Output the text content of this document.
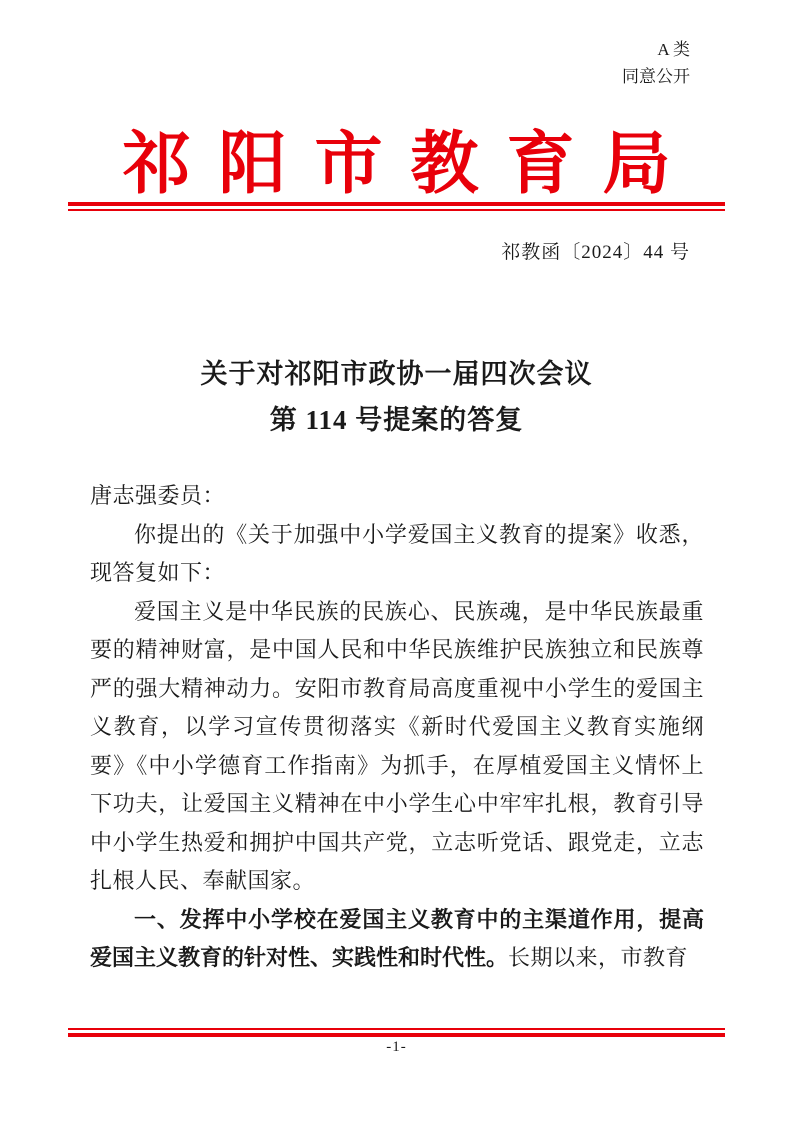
A 类
同意公开
祁阳市教育局
祁教函〔2024〕44 号
关于对祁阳市政协一届四次会议
第 114 号提案的答复

唐志强委员：

你提出的《关于加强中小学爱国主义教育的提案》收悉，现答复如下：

爱国主义是中华民族的民族心、民族魂，是中华民族最重要的精神财富，是中国人民和中华民族维护民族独立和民族尊严的强大精神动力。安阳市教育局高度重视中小学生的爱国主义教育，以学习宣传贯彻落实《新时代爱国主义教育实施纲要》《中小学德育工作指南》为抓手，在厚植爱国主义情怀上下功夫，让爱国主义精神在中小学生心中牢牢扎根，教育引导中小学生热爱和拥护中国共产党，立志听党话、跟党走，立志扎根人民、奉献国家。

一、发挥中小学校在爱国主义教育中的主渠道作用，提高爱国主义教育的针对性、实践性和时代性。长期以来，市教育

-1-
